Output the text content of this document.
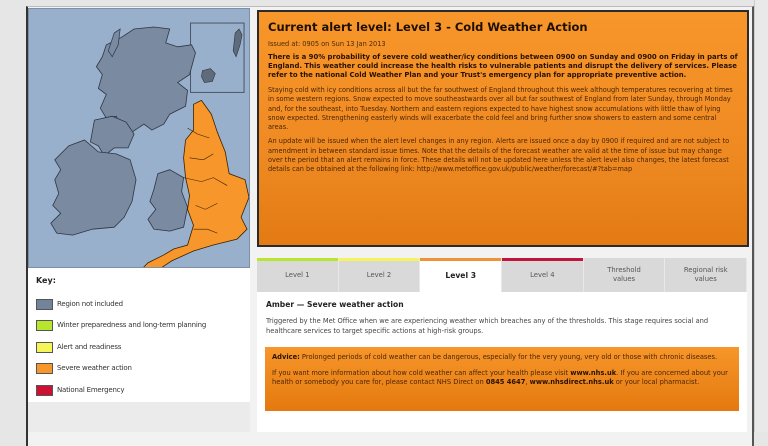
Key:
Region not included
Winter preparedness and long-term planning
Alert and readiness
Severe weather action
National Emergency
Current alert level: Level 3 - Cold Weather Action
Issued at: 0905 on Sun 13 Jan 2013
There is a 90% probability of severe cold weather/icy conditions between 0900 on Sunday and 0900 on Friday in parts of England. This weather could increase the health risks to vulnerable patients and disrupt the delivery of services. Please refer to the national Cold Weather Plan and your Trust's emergency plan for appropriate preventive action.
Staying cold with icy conditions across all but the far southwest of England throughout this week although temperatures recovering at times in some western regions. Snow expected to move southeastwards over all but far southwest of England from later Sunday, through Monday and, for the southeast, into Tuesday. Northern and eastern regions expected to have highest snow accumulations with little thaw of lying snow expected. Strengthening easterly winds will exacerbate the cold feel and bring further snow showers to eastern and some central areas.
An update will be issued when the alert level changes in any region. Alerts are issued once a day by 0900 if required and are not subject to amendment in between standard issue times. Note that the details of the forecast weather are valid at the time of issue but may change over the period that an alert remains in force. These details will not be updated here unless the alert level also changes, the latest forecast details can be obtained at the following link: http://www.metoffice.gov.uk/public/weather/forecast/#?tab=map
Level 1	Level 2	Level 3	Level 4
Threshold values
Regional risk values
Amber — Severe weather action
Triggered by the Met Office when we are experiencing weather which breaches any of the thresholds. This stage requires social and healthcare services to target specific actions at high-risk groups.

Advice: Prolonged periods of cold weather can be dangerous, especially for the very young, very old or those with chronic diseases.

If you want more information about how cold weather can affect your health please visit www.nhs.uk. If you are concerned about your health or somebody you care for, please contact NHS Direct on 0845 4647, www.nhsdirect.nhs.uk or your local pharmacist.
